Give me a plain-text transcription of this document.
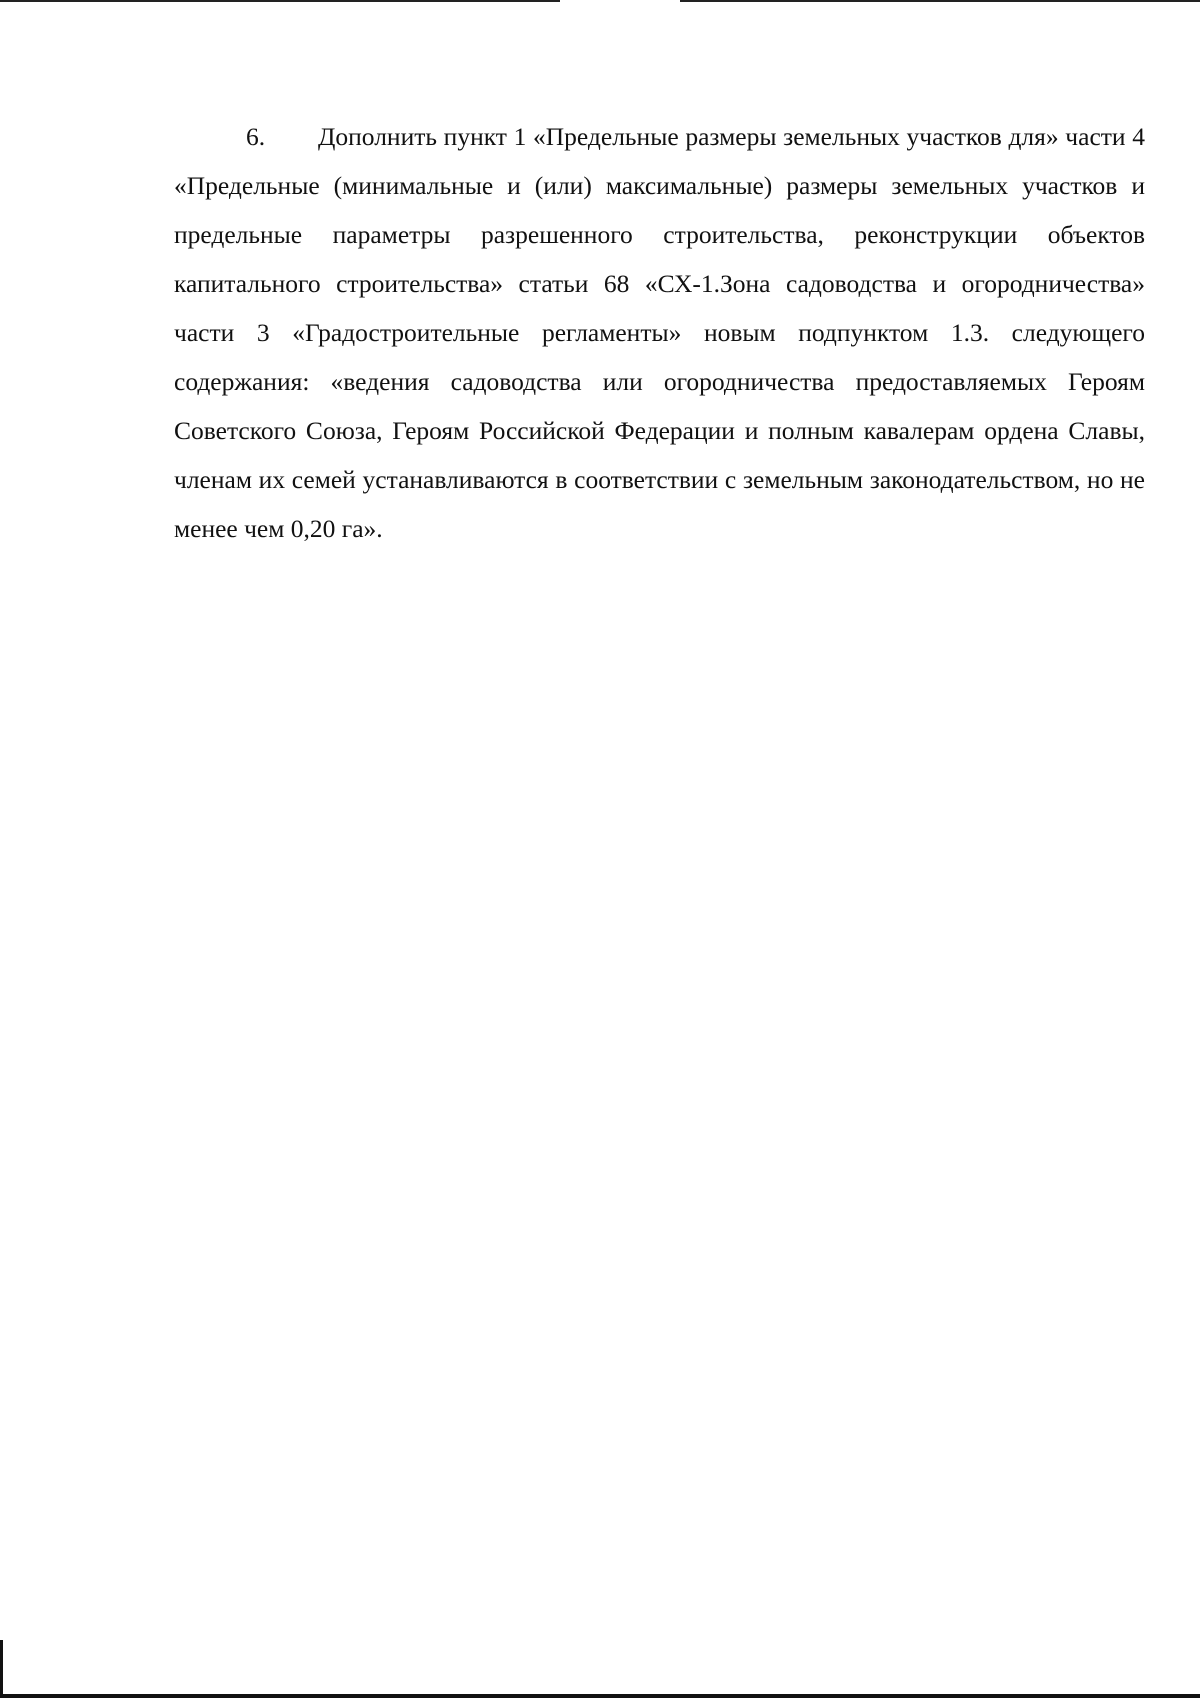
6. Дополнить пункт 1 «Предельные размеры земельных участков для» части 4 «Предельные (минимальные и (или) максимальные) размеры земельных участков и предельные параметры разрешенного строительства, реконструкции объектов капитального строительства» статьи 68 «СХ-1.Зона садоводства и огородничества» части 3 «Градостроительные регламенты» новым подпунктом 1.3. следующего содержания: «ведения садоводства или огородничества предоставляемых Героям Советского Союза, Героям Российской Федерации и полным кавалерам ордена Славы, членам их семей устанавливаются в соответствии с земельным законодательством, но не менее чем 0,20 га».
